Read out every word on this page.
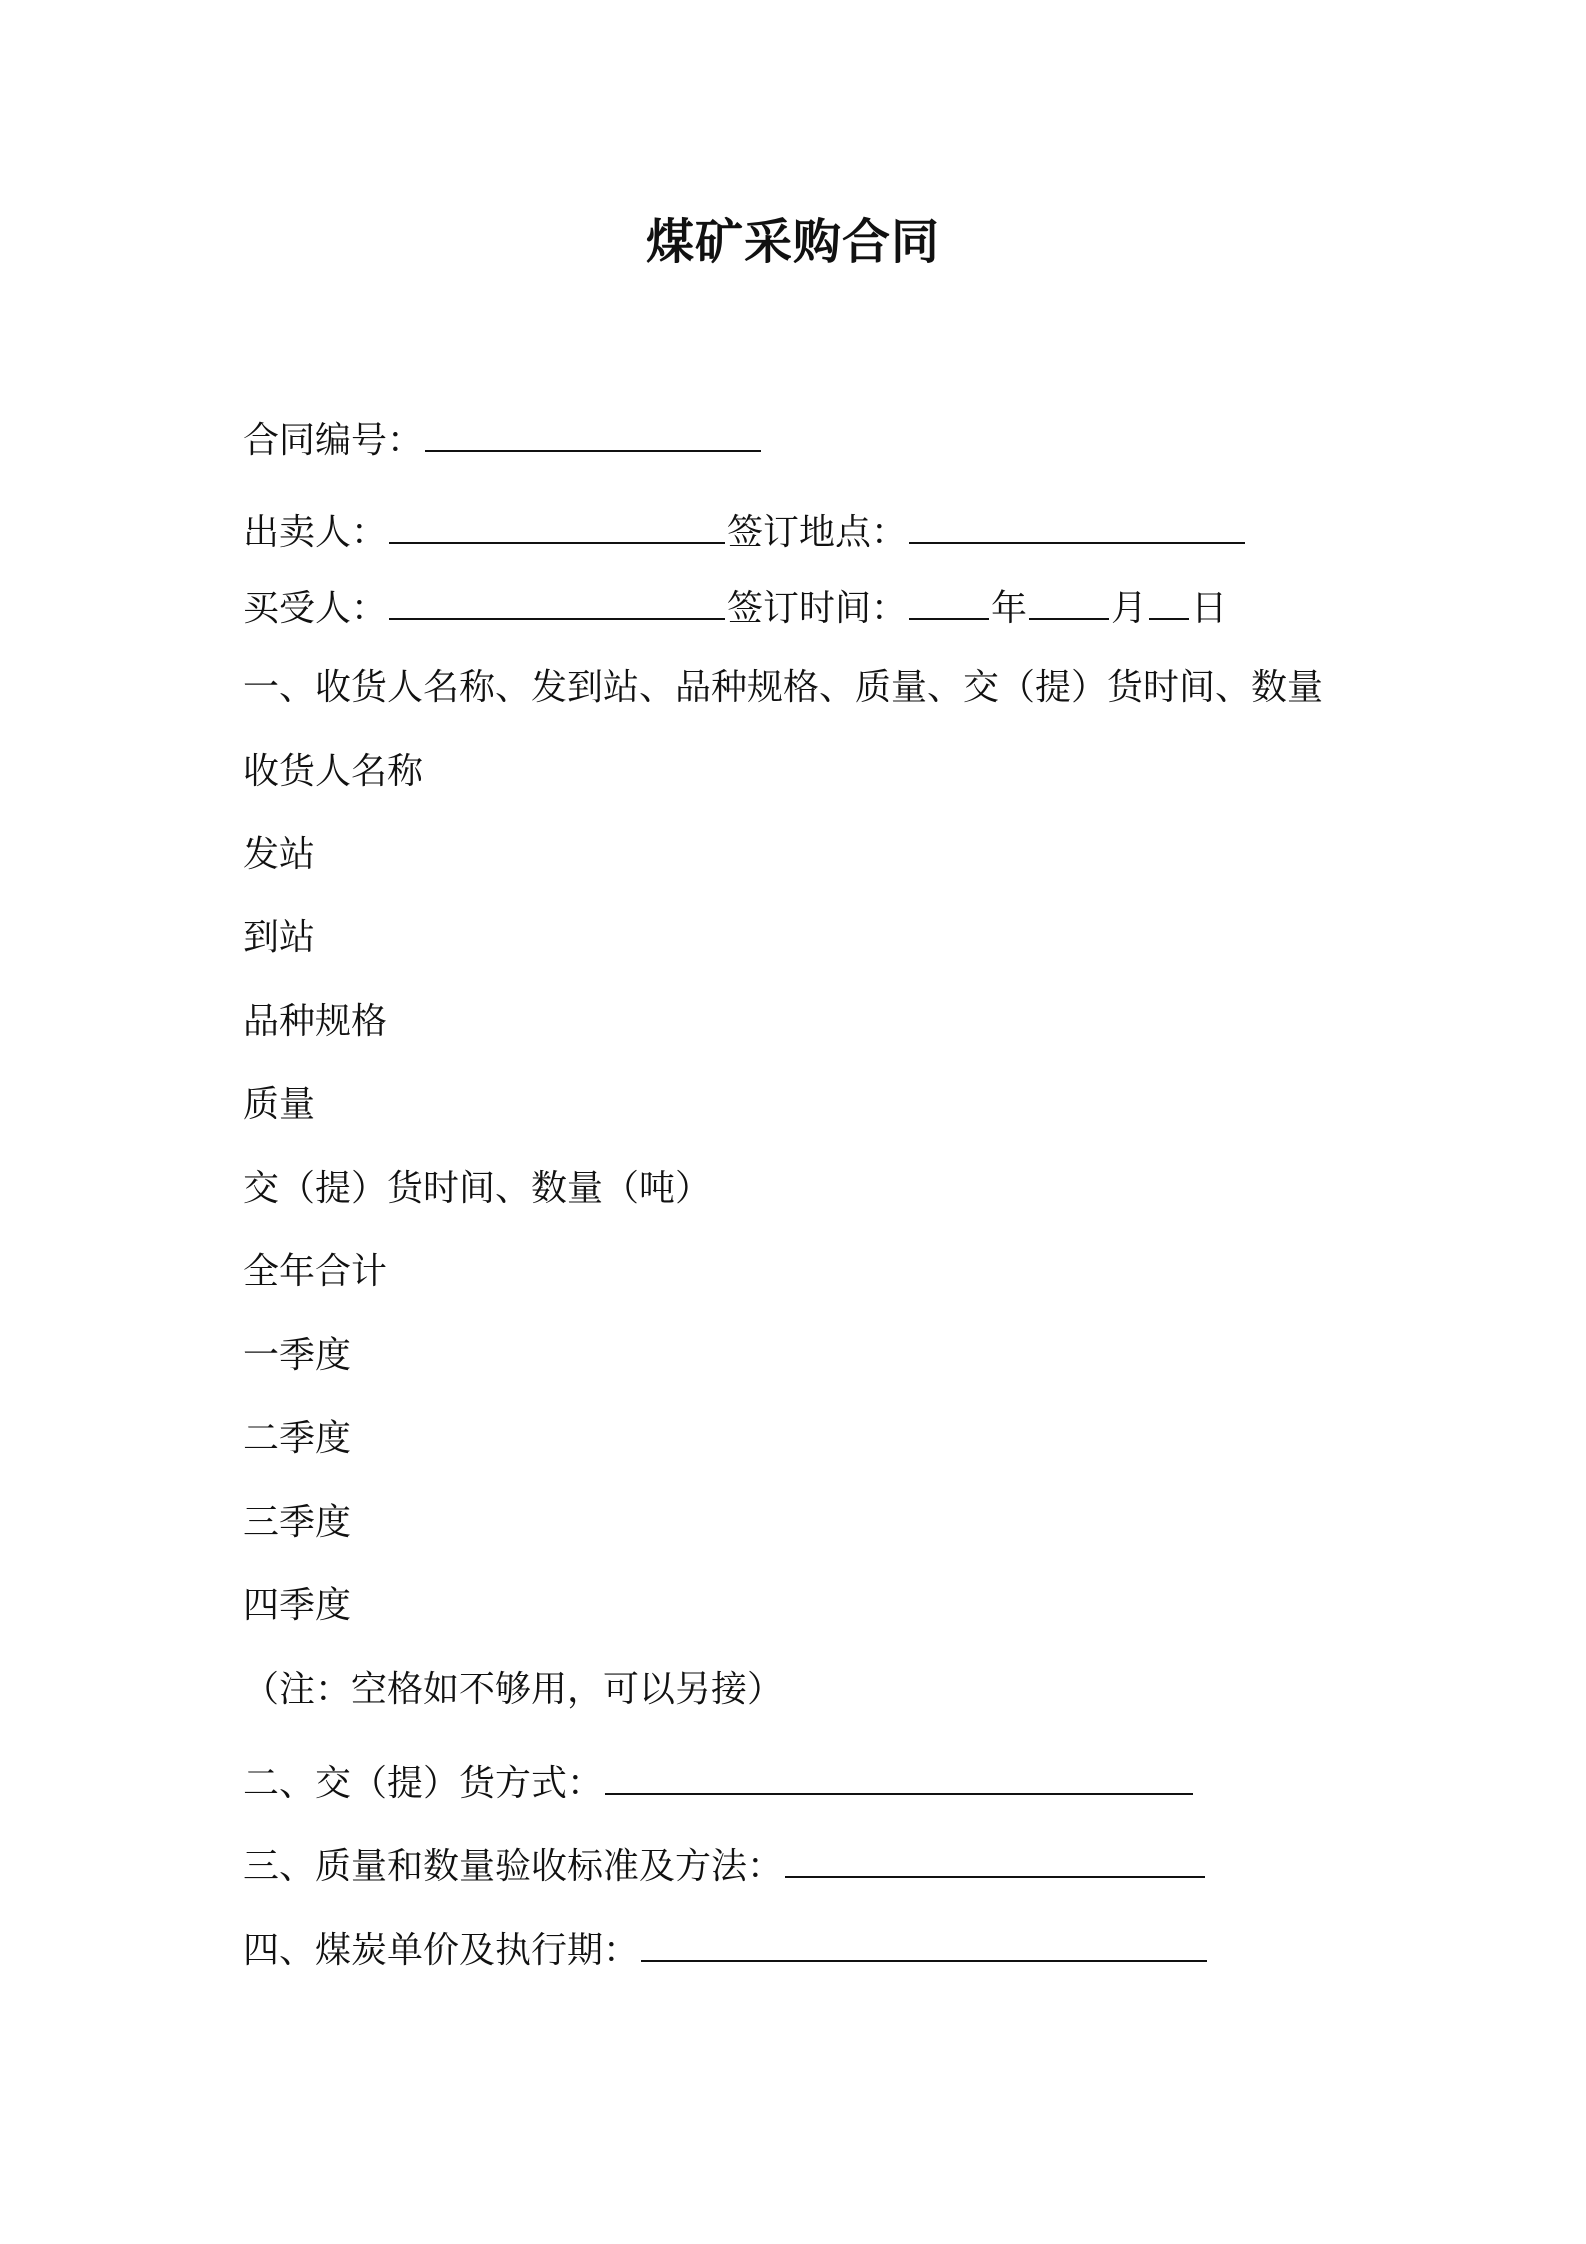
煤矿采购合同
合同编号：
出卖人：	签订地点：
买受人：	签订时间： 年 月 日
一、收货人名称、发到站、品种规格、质量、交（提）货时间、数量
收货人名称
发站
到站
品种规格
质量
交（提）货时间、数量（吨）
全年合计
一季度
二季度
三季度
四季度
（注：空格如不够用，可以另接）
二、交（提）货方式：
三、质量和数量验收标准及方法：
四、煤炭单价及执行期：
